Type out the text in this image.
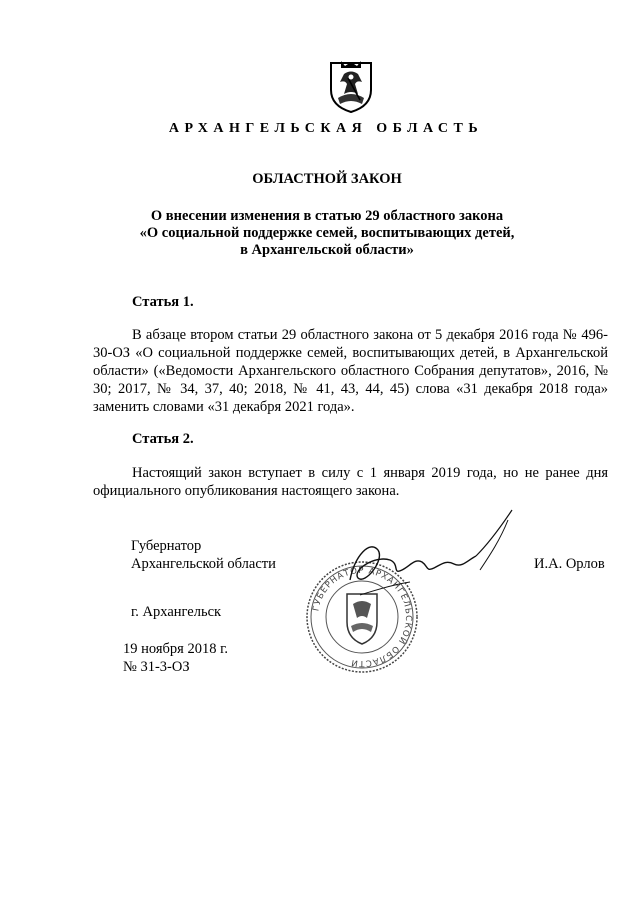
АРХАНГЕЛЬСКАЯ ОБЛАСТЬ
ОБЛАСТНОЙ ЗАКОН
О внесении изменения в статью 29 областного закона
«О социальной поддержке семей, воспитывающих детей,
в Архангельской области»
Статья 1.
В абзаце втором статьи 29 областного закона от 5 декабря 2016 года № 496-30-ОЗ «О социальной поддержке семей, воспитывающих детей, в Архангельской области» («Ведомости Архангельского областного Собрания депутатов», 2016, № 30; 2017, № 34, 37, 40; 2018, № 41, 43, 44, 45) слова «31 декабря 2018 года» заменить словами «31 декабря 2021 года».
Статья 2.
Настоящий закон вступает в силу с 1 января 2019 года, но не ранее дня официального опубликования настоящего закона.
Губернатор
Архангельской области	И.А. Орлов
ГУБЕРНАТОР АРХАНГЕЛЬСКОЙ ОБЛАСТИ
г. Архангельск
19 ноября 2018 г.
№ 31-3-ОЗ
